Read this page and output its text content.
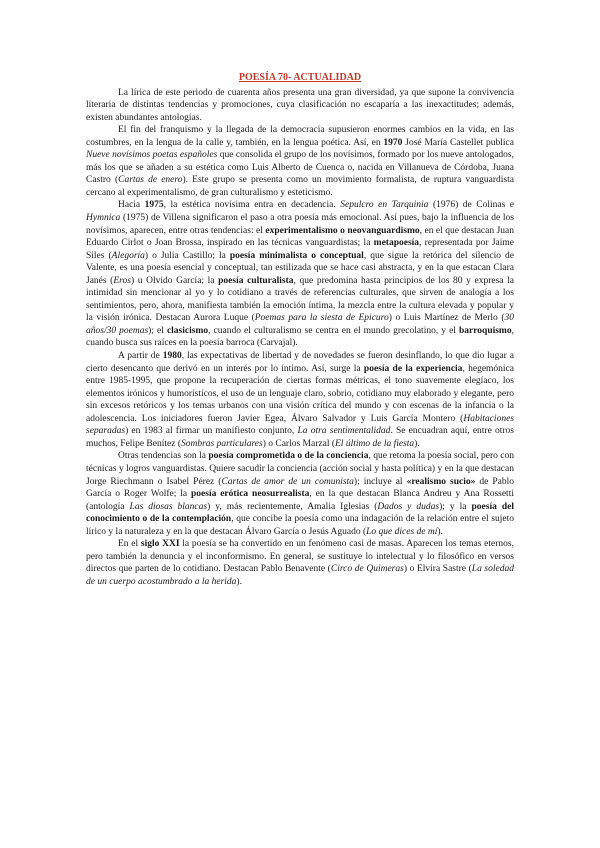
POESÍA 70- ACTUALIDAD

La lírica de este periodo de cuarenta años presenta una gran diversidad, ya que supone la convivencia literaria de distintas tendencias y promociones, cuya clasificación no escaparía a las inexactitudes; además, existen abundantes antologías.

El fin del franquismo y la llegada de la democracia supusieron enormes cambios en la vida, en las costumbres, en la lengua de la calle y, también, en la lengua poética. Así, en 1970 José María Castellet publica Nueve novísimos poetas españoles que consolida el grupo de los novísimos, formado por los nueve antologados, más los que se añaden a su estética como Luis Alberto de Cuenca o, nacida en Villanueva de Córdoba, Juana Castro (Cartas de enero). Este grupo se presenta como un movimiento formalista, de ruptura vanguardista cercano al experimentalismo, de gran culturalismo y esteticismo.

Hacia 1975, la estética novísima entra en decadencia. Sepulcro en Tarquinia (1976) de Colinas e Hymnica (1975) de Villena significaron el paso a otra poesía más emocional. Así pues, bajo la influencia de los novísimos, aparecen, entre otras tendencias: el experimentalismo o neovanguardismo, en el que destacan Juan Eduardo Cirlot o Joan Brossa, inspirado en las técnicas vanguardistas; la metapoesía, representada por Jaime Siles (Alegoría) o Julia Castillo; la poesía minimalista o conceptual, que sigue la retórica del silencio de Valente, es una poesía esencial y conceptual, tan estilizada que se hace casi abstracta, y en la que estacan Clara Janés (Eros) u Olvido García; la poesía culturalista, que predomina hasta principios de los 80 y expresa la intimidad sin mencionar al yo y lo cotidiano a través de referencias culturales, que sirven de analogía a los sentimientos, pero, ahora, manifiesta también la emoción íntima, la mezcla entre la cultura elevada y popular y la visión irónica. Destacan Aurora Luque (Poemas para la siesta de Epicuro) o Luis Martínez de Merlo (30 años/30 poemas); el clasicismo, cuando el culturalismo se centra en el mundo grecolatino, y el barroquismo, cuando busca sus raíces en la poesía barroca (Carvajal).

A partir de 1980, las expectativas de libertad y de novedades se fueron desinflando, lo que dio lugar a cierto desencanto que derivó en un interés por lo íntimo. Así, surge la poesía de la experiencia, hegemónica entre 1985-1995, que propone la recuperación de ciertas formas métricas, el tono suavemente elegíaco, los elementos irónicos y humorísticos, el uso de un lenguaje claro, sobrio, cotidiano muy elaborado y elegante, pero sin excesos retóricos y los temas urbanos con una visión crítica del mundo y con escenas de la infancia o la adolescencia. Los iniciadores fueron Javier Egea, Álvaro Salvador y Luis García Montero (Habitaciones separadas) en 1983 al firmar un manifiesto conjunto, La otra sentimentalidad. Se encuadran aquí, entre otros muchos, Felipe Benítez (Sombras particulares) o Carlos Marzal (El último de la fiesta).

Otras tendencias son la poesía comprometida o de la conciencia, que retoma la poesía social, pero con técnicas y logros vanguardistas. Quiere sacudir la conciencia (acción social y hasta política) y en la que destacan Jorge Riechmann o Isabel Pérez (Cartas de amor de un comunista); incluye al «realismo sucio» de Pablo García o Roger Wolfe; la poesía erótica neosurrealista, en la que destacan Blanca Andreu y Ana Rossetti (antología Las diosas blancas) y, más recientemente, Amalia Iglesias (Dados y dudas); y la poesía del conocimiento o de la contemplación, que concibe la poesía como una indagación de la relación entre el sujeto lírico y la naturaleza y en la que destacan Álvaro García o Jesús Aguado (Lo que dices de mí).

En el siglo XXI la poesía se ha convertido en un fenómeno casi de masas. Aparecen los temas eternos, pero también la denuncia y el inconformismo. En general, se sustituye lo intelectual y lo filosófico en versos directos que parten de lo cotidiano. Destacan Pablo Benavente (Circo de Quimeras) o Elvira Sastre (La soledad de un cuerpo acostumbrado a la herida).
